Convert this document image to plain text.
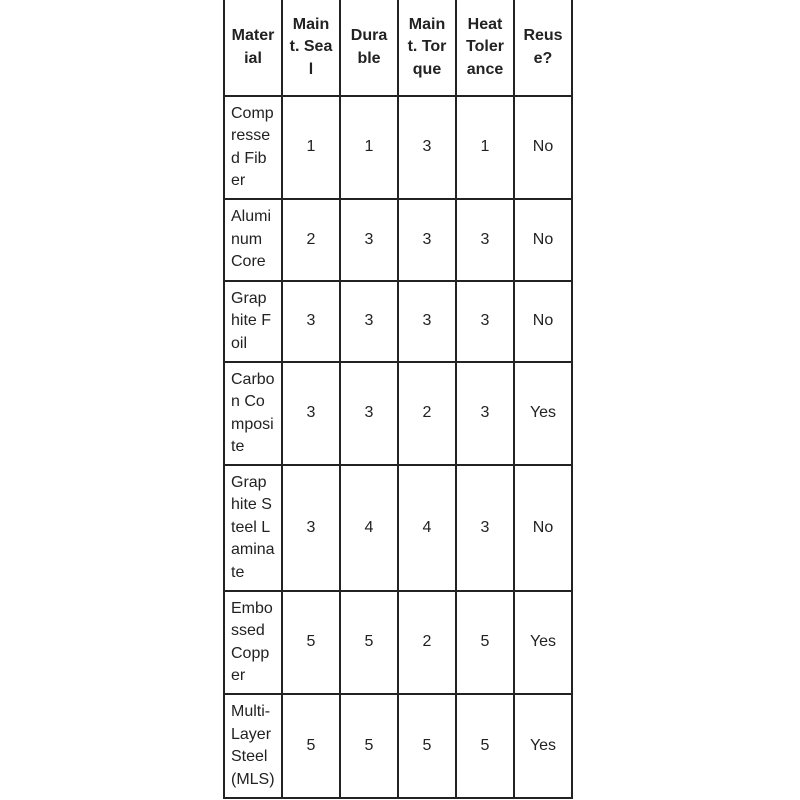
Material	Maint. Seal	Durable	Maint. Torque	Heat Tolerance	Reuse?
Compressed Fiber	1	1	3	1	No
Aluminum Core	2	3	3	3	No
Graphite Foil	3	3	3	3	No
Carbon Composite	3	3	2	3	Yes
Graphite Steel Laminate	3	4	4	3	No
Embossed Copper	5	5	2	5	Yes
Multi-Layer Steel (MLS)	5	5	5	5	Yes
